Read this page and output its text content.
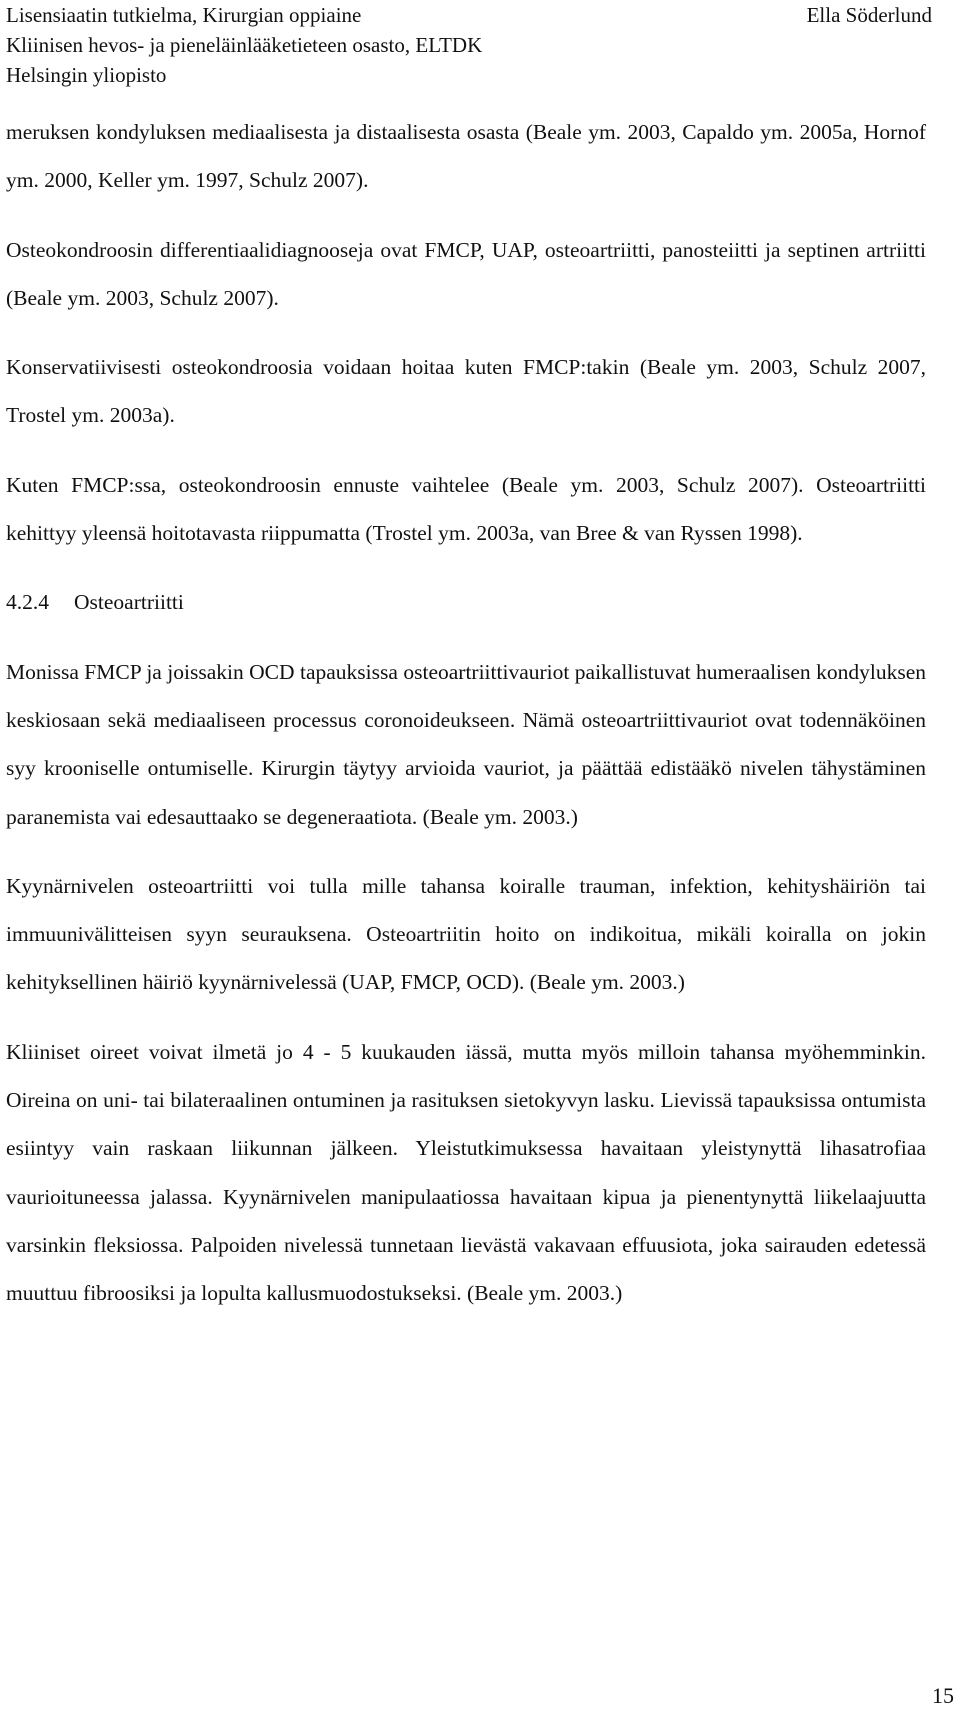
Lisensiaatin tutkielma, Kirurgian oppiaine	Ella Söderlund
Kliinisen hevos- ja pieneläinlääketieteen osasto, ELTDK
Helsingin yliopisto

meruksen kondyluksen mediaalisesta ja distaalisesta osasta (Beale ym. 2003, Capaldo ym. 2005a, Hornof ym. 2000, Keller ym. 1997, Schulz 2007).

Osteokondroosin differentiaalidiagnooseja ovat FMCP, UAP, osteoartriitti, panosteiitti ja septinen artriitti (Beale ym. 2003, Schulz 2007).

Konservatiivisesti osteokondroosia voidaan hoitaa kuten FMCP:takin (Beale ym. 2003, Schulz 2007, Trostel ym. 2003a).

Kuten FMCP:ssa, osteokondroosin ennuste vaihtelee (Beale ym. 2003, Schulz 2007). Osteoartriitti kehittyy yleensä hoitotavasta riippumatta (Trostel ym. 2003a, van Bree & van Ryssen 1998).

4.2.4 Osteoartriitti

Monissa FMCP ja joissakin OCD tapauksissa osteoartriittivauriot paikallistuvat humeraalisen kondyluksen keskiosaan sekä mediaaliseen processus coronoideukseen. Nämä osteoartriittivauriot ovat todennäköinen syy krooniselle ontumiselle. Kirurgin täytyy arvioida vauriot, ja päättää edistääkö nivelen tähystäminen paranemista vai edesauttaako se degeneraatiota. (Beale ym. 2003.)

Kyynärnivelen osteoartriitti voi tulla mille tahansa koiralle trauman, infektion, kehityshäiriön tai immuunivälitteisen syyn seurauksena. Osteoartriitin hoito on indikoitua, mikäli koiralla on jokin kehityksellinen häiriö kyynärnivelessä (UAP, FMCP, OCD). (Beale ym. 2003.)

Kliiniset oireet voivat ilmetä jo 4 - 5 kuukauden iässä, mutta myös milloin tahansa myöhemminkin. Oireina on uni- tai bilateraalinen ontuminen ja rasituksen sietokyvyn lasku. Lievissä tapauksissa ontumista esiintyy vain raskaan liikunnan jälkeen. Yleistutkimuksessa havaitaan yleistynyttä lihasatrofiaa vaurioituneessa jalassa. Kyynärnivelen manipulaatiossa havaitaan kipua ja pienentynyttä liikelaajuutta varsinkin fleksiossa. Palpoiden nivelessä tunnetaan lievästä vakavaan effuusiota, joka sairauden edetessä muuttuu fibroosiksi ja lopulta kallusmuodostukseksi. (Beale ym. 2003.)

15
